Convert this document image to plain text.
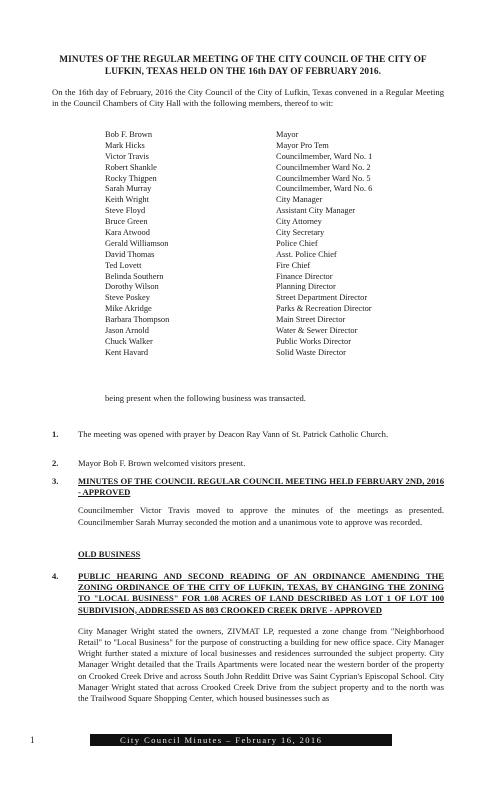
MINUTES OF THE REGULAR MEETING OF THE CITY COUNCIL OF THE CITY OF LUFKIN, TEXAS HELD ON THE 16th DAY OF FEBRUARY 2016.
On the 16th day of February, 2016 the City Council of the City of Lufkin, Texas convened in a Regular Meeting in the Council Chambers of City Hall with the following members, thereof to wit:
Bob F. Brown	Mayor
Mark Hicks	Mayor Pro Tem
Victor Travis	Councilmember, Ward No. 1
Robert Shankle	Councilmember Ward No. 2
Rocky Thigpen	Councilmember Ward No. 5
Sarah Murray	Councilmember, Ward No. 6
Keith Wright	City Manager
Steve Floyd	Assistant City Manager
Bruce Green	City Attorney
Kara Atwood	City Secretary
Gerald Williamson	Police Chief
David Thomas	Asst. Police Chief
Ted Lovett	Fire Chief
Belinda Southern	Finance Director
Dorothy Wilson	Planning Director
Steve Poskey	Street Department Director
Mike Akridge	Parks & Recreation Director
Barbara Thompson	Main Street Director
Jason Arnold	Water & Sewer Director
Chuck Walker	Public Works Director
Kent Havard	Solid Waste Director
being present when the following business was transacted.
1.	The meeting was opened with prayer by Deacon Ray Vann of St. Patrick Catholic Church.
2.	Mayor Bob F. Brown welcomed visitors present.
3.	MINUTES OF THE COUNCIL REGULAR COUNCIL MEETING HELD FEBRUARY 2ND, 2016 - APPROVED
Councilmember Victor Travis moved to approve the minutes of the meetings as presented. Councilmember Sarah Murray seconded the motion and a unanimous vote to approve was recorded.
OLD BUSINESS
4.	PUBLIC HEARING AND SECOND READING OF AN ORDINANCE AMENDING THE ZONING ORDINANCE OF THE CITY OF LUFKIN, TEXAS, BY CHANGING THE ZONING TO "LOCAL BUSINESS" FOR 1.08 ACRES OF LAND DESCRIBED AS LOT 1 OF LOT 100 SUBDIVISION, ADDRESSED AS 803 CROOKED CREEK DRIVE - APPROVED
City Manager Wright stated the owners, ZIVMAT LP, requested a zone change from "Neighborhood Retail" to "Local Business" for the purpose of constructing a building for new office space. City Manager Wright further stated a mixture of local businesses and residences surrounded the subject property. City Manager Wright detailed that the Trails Apartments were located near the western border of the property on Crooked Creek Drive and across South John Redditt Drive was Saint Cyprian's Episcopal School. City Manager Wright stated that across Crooked Creek Drive from the subject property and to the north was the Trailwood Square Shopping Center, which housed businesses such as
1	City Council Minutes – February 16, 2016
